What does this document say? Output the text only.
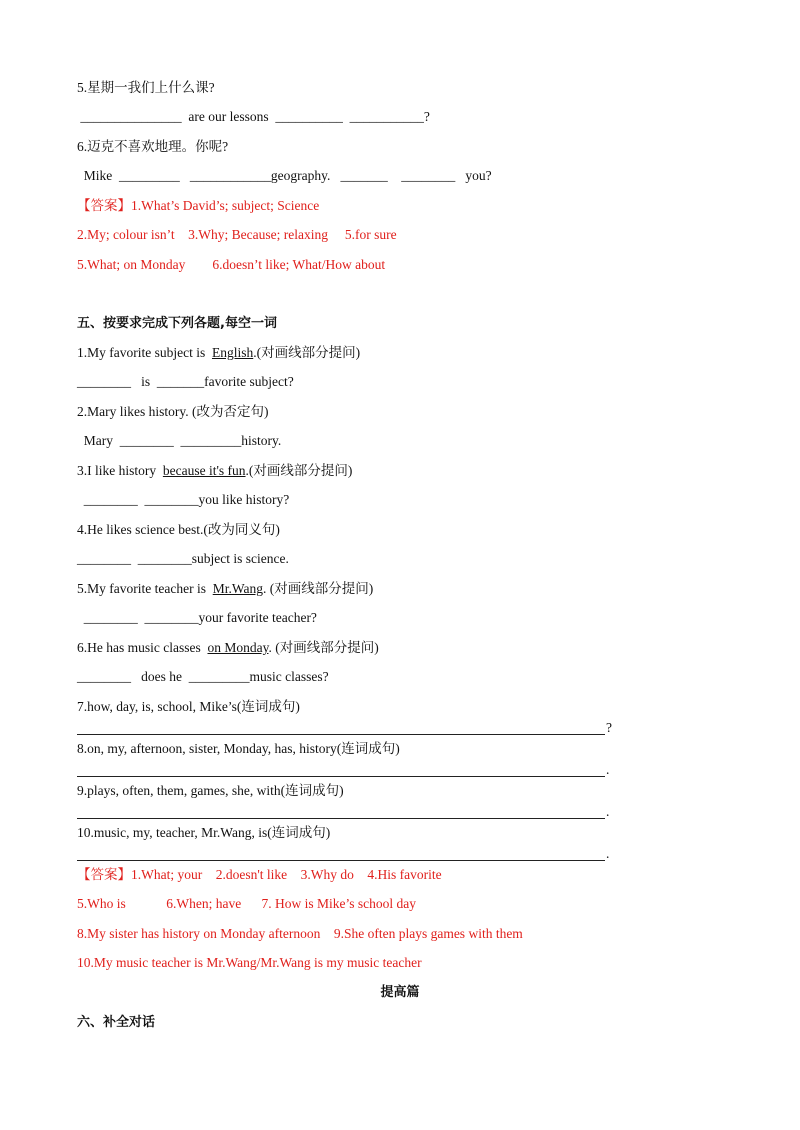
5.星期一我们上什么课?
_______________  are our lessons  __________  ___________?
6.迈克不喜欢地理。你呢?
Mike  _________   ____________geography.   _______    ________   you?
【答案】1.What’s David’s; subject; Science
2.My; colour isn’t    3.Why; Because; relaxing     5.for sure
5.What; on Monday        6.doesn’t like; What/How about
五、按要求完成下列各题,每空一词
1.My favorite subject is  English.(对画线部分提问)
________   is  _______favorite subject?
2.Mary likes history. (改为否定句)
Mary  ________  _________history.
3.I like history  because it's fun.(对画线部分提问)
________  ________you like history?
4.He likes science best.(改为同义句)
________  ________subject is science.
5.My favorite teacher is  Mr.Wang. (对画线部分提问)
________  ________your favorite teacher?
6.He has music classes  on Monday. (对画线部分提问)
________   does he  _________music classes?
7.how, day, is, school, Mike’s(连词成句)
?
8.on, my, afternoon, sister, Monday, has, history(连词成句)
.
9.plays, often, them, games, she, with(连词成句)
.
10.music, my, teacher, Mr.Wang, is(连词成句)
.
【答案】1.What; your    2.doesn't like    3.Why do    4.His favorite
5.Who is            6.When; have      7. How is Mike’s school day
8.My sister has history on Monday afternoon    9.She often plays games with them
10.My music teacher is Mr.Wang/Mr.Wang is my music teacher
提高篇
六、补全对话
